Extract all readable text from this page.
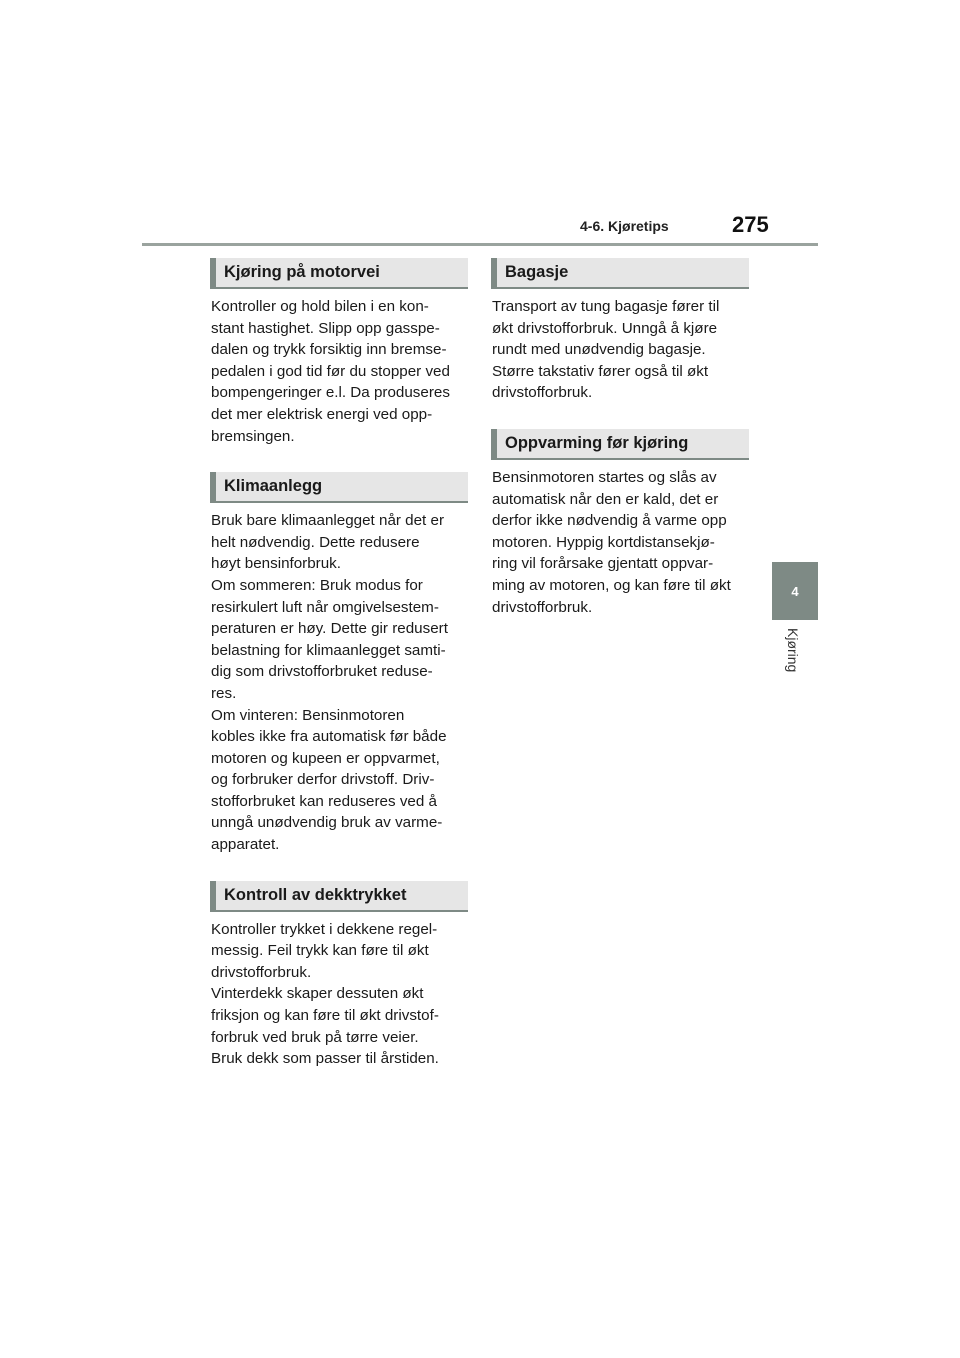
4-6. Kjøretips	275
4
Kjøring
Kjøring på motorvei
Kontroller og hold bilen i en kon-
stant hastighet. Slipp opp gasspe-
dalen og trykk forsiktig inn bremse-
pedalen i god tid før du stopper ved
bompengeringer e.l. Da produseres
det mer elektrisk energi ved opp-
bremsingen.
Klimaanlegg
Bruk bare klimaanlegget når det er
helt nødvendig. Dette redusere
høyt bensinforbruk.
Om sommeren: Bruk modus for
resirkulert luft når omgivelsestem-
peraturen er høy. Dette gir redusert
belastning for klimaanlegget samti-
dig som drivstofforbruket reduse-
res.
Om vinteren: Bensinmotoren
kobles ikke fra automatisk før både
motoren og kupeen er oppvarmet,
og forbruker derfor drivstoff. Driv-
stofforbruket kan reduseres ved å
unngå unødvendig bruk av varme-
apparatet.
Kontroll av dekktrykket
Kontroller trykket i dekkene regel-
messig. Feil trykk kan føre til økt
drivstofforbruk.
Vinterdekk skaper dessuten økt
friksjon og kan føre til økt drivstof-
forbruk ved bruk på tørre veier.
Bruk dekk som passer til årstiden.
Bagasje
Transport av tung bagasje fører til
økt drivstofforbruk. Unngå å kjøre
rundt med unødvendig bagasje.
Større takstativ fører også til økt
drivstofforbruk.
Oppvarming før kjøring
Bensinmotoren startes og slås av
automatisk når den er kald, det er
derfor ikke nødvendig å varme opp
motoren. Hyppig kortdistansekjø-
ring vil forårsake gjentatt oppvar-
ming av motoren, og kan føre til økt
drivstofforbruk.
